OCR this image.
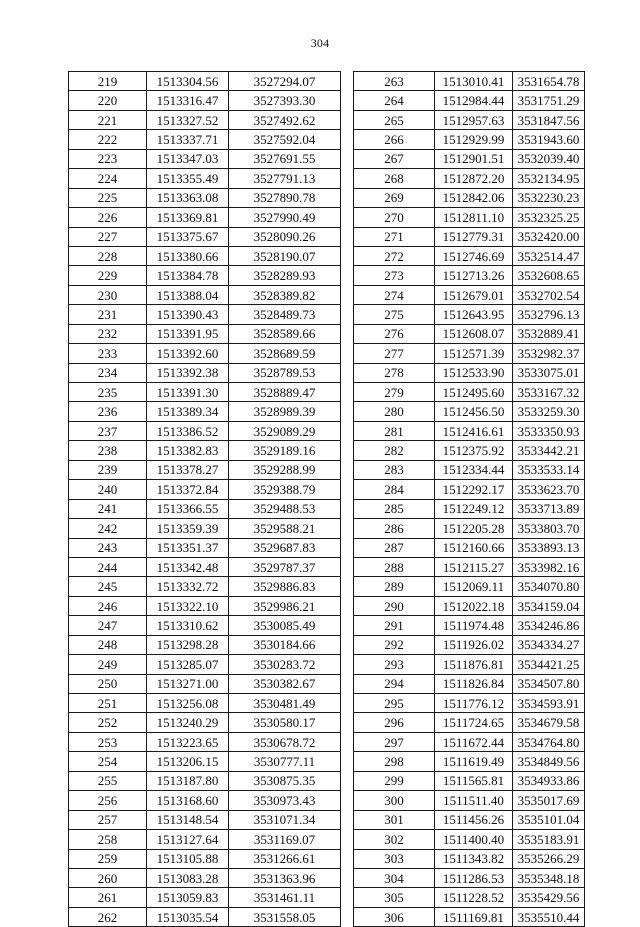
304
219	1513304.56	3527294.07
220	1513316.47	3527393.30
221	1513327.52	3527492.62
222	1513337.71	3527592.04
223	1513347.03	3527691.55
224	1513355.49	3527791.13
225	1513363.08	3527890.78
226	1513369.81	3527990.49
227	1513375.67	3528090.26
228	1513380.66	3528190.07
229	1513384.78	3528289.93
230	1513388.04	3528389.82
231	1513390.43	3528489.73
232	1513391.95	3528589.66
233	1513392.60	3528689.59
234	1513392.38	3528789.53
235	1513391.30	3528889.47
236	1513389.34	3528989.39
237	1513386.52	3529089.29
238	1513382.83	3529189.16
239	1513378.27	3529288.99
240	1513372.84	3529388.79
241	1513366.55	3529488.53
242	1513359.39	3529588.21
243	1513351.37	3529687.83
244	1513342.48	3529787.37
245	1513332.72	3529886.83
246	1513322.10	3529986.21
247	1513310.62	3530085.49
248	1513298.28	3530184.66
249	1513285.07	3530283.72
250	1513271.00	3530382.67
251	1513256.08	3530481.49
252	1513240.29	3530580.17
253	1513223.65	3530678.72
254	1513206.15	3530777.11
255	1513187.80	3530875.35
256	1513168.60	3530973.43
257	1513148.54	3531071.34
258	1513127.64	3531169.07
259	1513105.88	3531266.61
260	1513083.28	3531363.96
261	1513059.83	3531461.11
262	1513035.54	3531558.05
263	1513010.41	3531654.78
264	1512984.44	3531751.29
265	1512957.63	3531847.56
266	1512929.99	3531943.60
267	1512901.51	3532039.40
268	1512872.20	3532134.95
269	1512842.06	3532230.23
270	1512811.10	3532325.25
271	1512779.31	3532420.00
272	1512746.69	3532514.47
273	1512713.26	3532608.65
274	1512679.01	3532702.54
275	1512643.95	3532796.13
276	1512608.07	3532889.41
277	1512571.39	3532982.37
278	1512533.90	3533075.01
279	1512495.60	3533167.32
280	1512456.50	3533259.30
281	1512416.61	3533350.93
282	1512375.92	3533442.21
283	1512334.44	3533533.14
284	1512292.17	3533623.70
285	1512249.12	3533713.89
286	1512205.28	3533803.70
287	1512160.66	3533893.13
288	1512115.27	3533982.16
289	1512069.11	3534070.80
290	1512022.18	3534159.04
291	1511974.48	3534246.86
292	1511926.02	3534334.27
293	1511876.81	3534421.25
294	1511826.84	3534507.80
295	1511776.12	3534593.91
296	1511724.65	3534679.58
297	1511672.44	3534764.80
298	1511619.49	3534849.56
299	1511565.81	3534933.86
300	1511511.40	3535017.69
301	1511456.26	3535101.04
302	1511400.40	3535183.91
303	1511343.82	3535266.29
304	1511286.53	3535348.18
305	1511228.52	3535429.56
306	1511169.81	3535510.44
